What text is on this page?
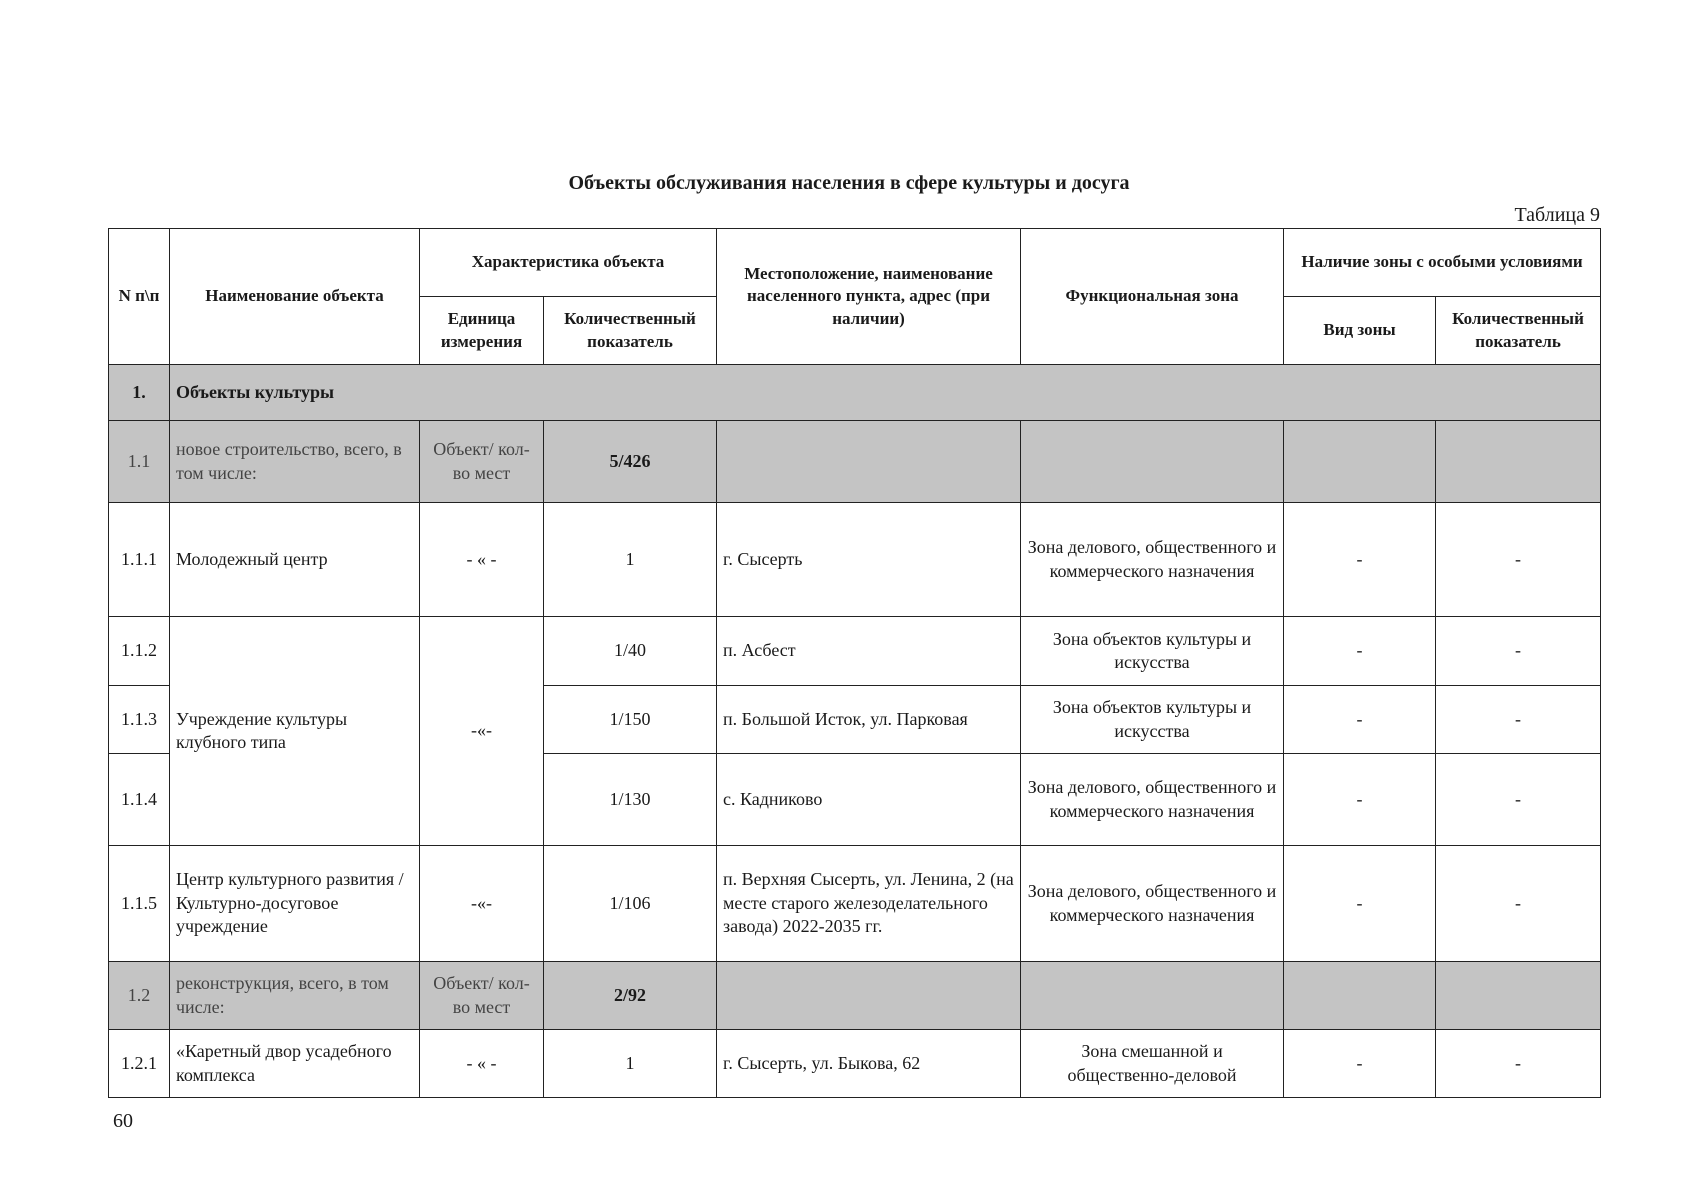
Объекты обслуживания населения в сфере культуры и досуга
Таблица 9
N п\п	Наименование объекта	Характеристика объекта		Местоположение, наименование населенного пункта, адрес (при наличии)	Функциональная зона	Наличие зоны с особыми условиями	
		Единица измерения	Количественный показатель			Вид зоны	Количественный показатель
1.	Объекты культуры						
1.1	новое строительство, всего, в том числе:	Объект/ кол-во мест	5/426				
1.1.1	Молодежный центр	- « -	1	г. Сысерть	Зона делового, общественного и коммерческого назначения	-	-
1.1.2	Учреждение культуры клубного типа	-«-	1/40	п. Асбест	Зона объектов культуры и искусства	-	-
1.1.3			1/150	п. Большой Исток, ул. Парковая	Зона объектов культуры и искусства	-	-
1.1.4			1/130	с. Кадниково	Зона делового, общественного и коммерческого назначения	-	-
1.1.5	Центр культурного развития /Культурно-досуговое учреждение	-«-	1/106	п. Верхняя Сысерть, ул. Ленина, 2 (на месте старого железоделательного завода) 2022-2035 гг.	Зона делового, общественного и коммерческого назначения	-	-
1.2	реконструкция, всего, в том числе:	Объект/ кол-во мест	2/92				
1.2.1	«Каретный двор усадебного комплекса	- « -	1	г. Сысерть, ул. Быкова, 62	Зона смешанной и общественно-деловой	-	-
60
